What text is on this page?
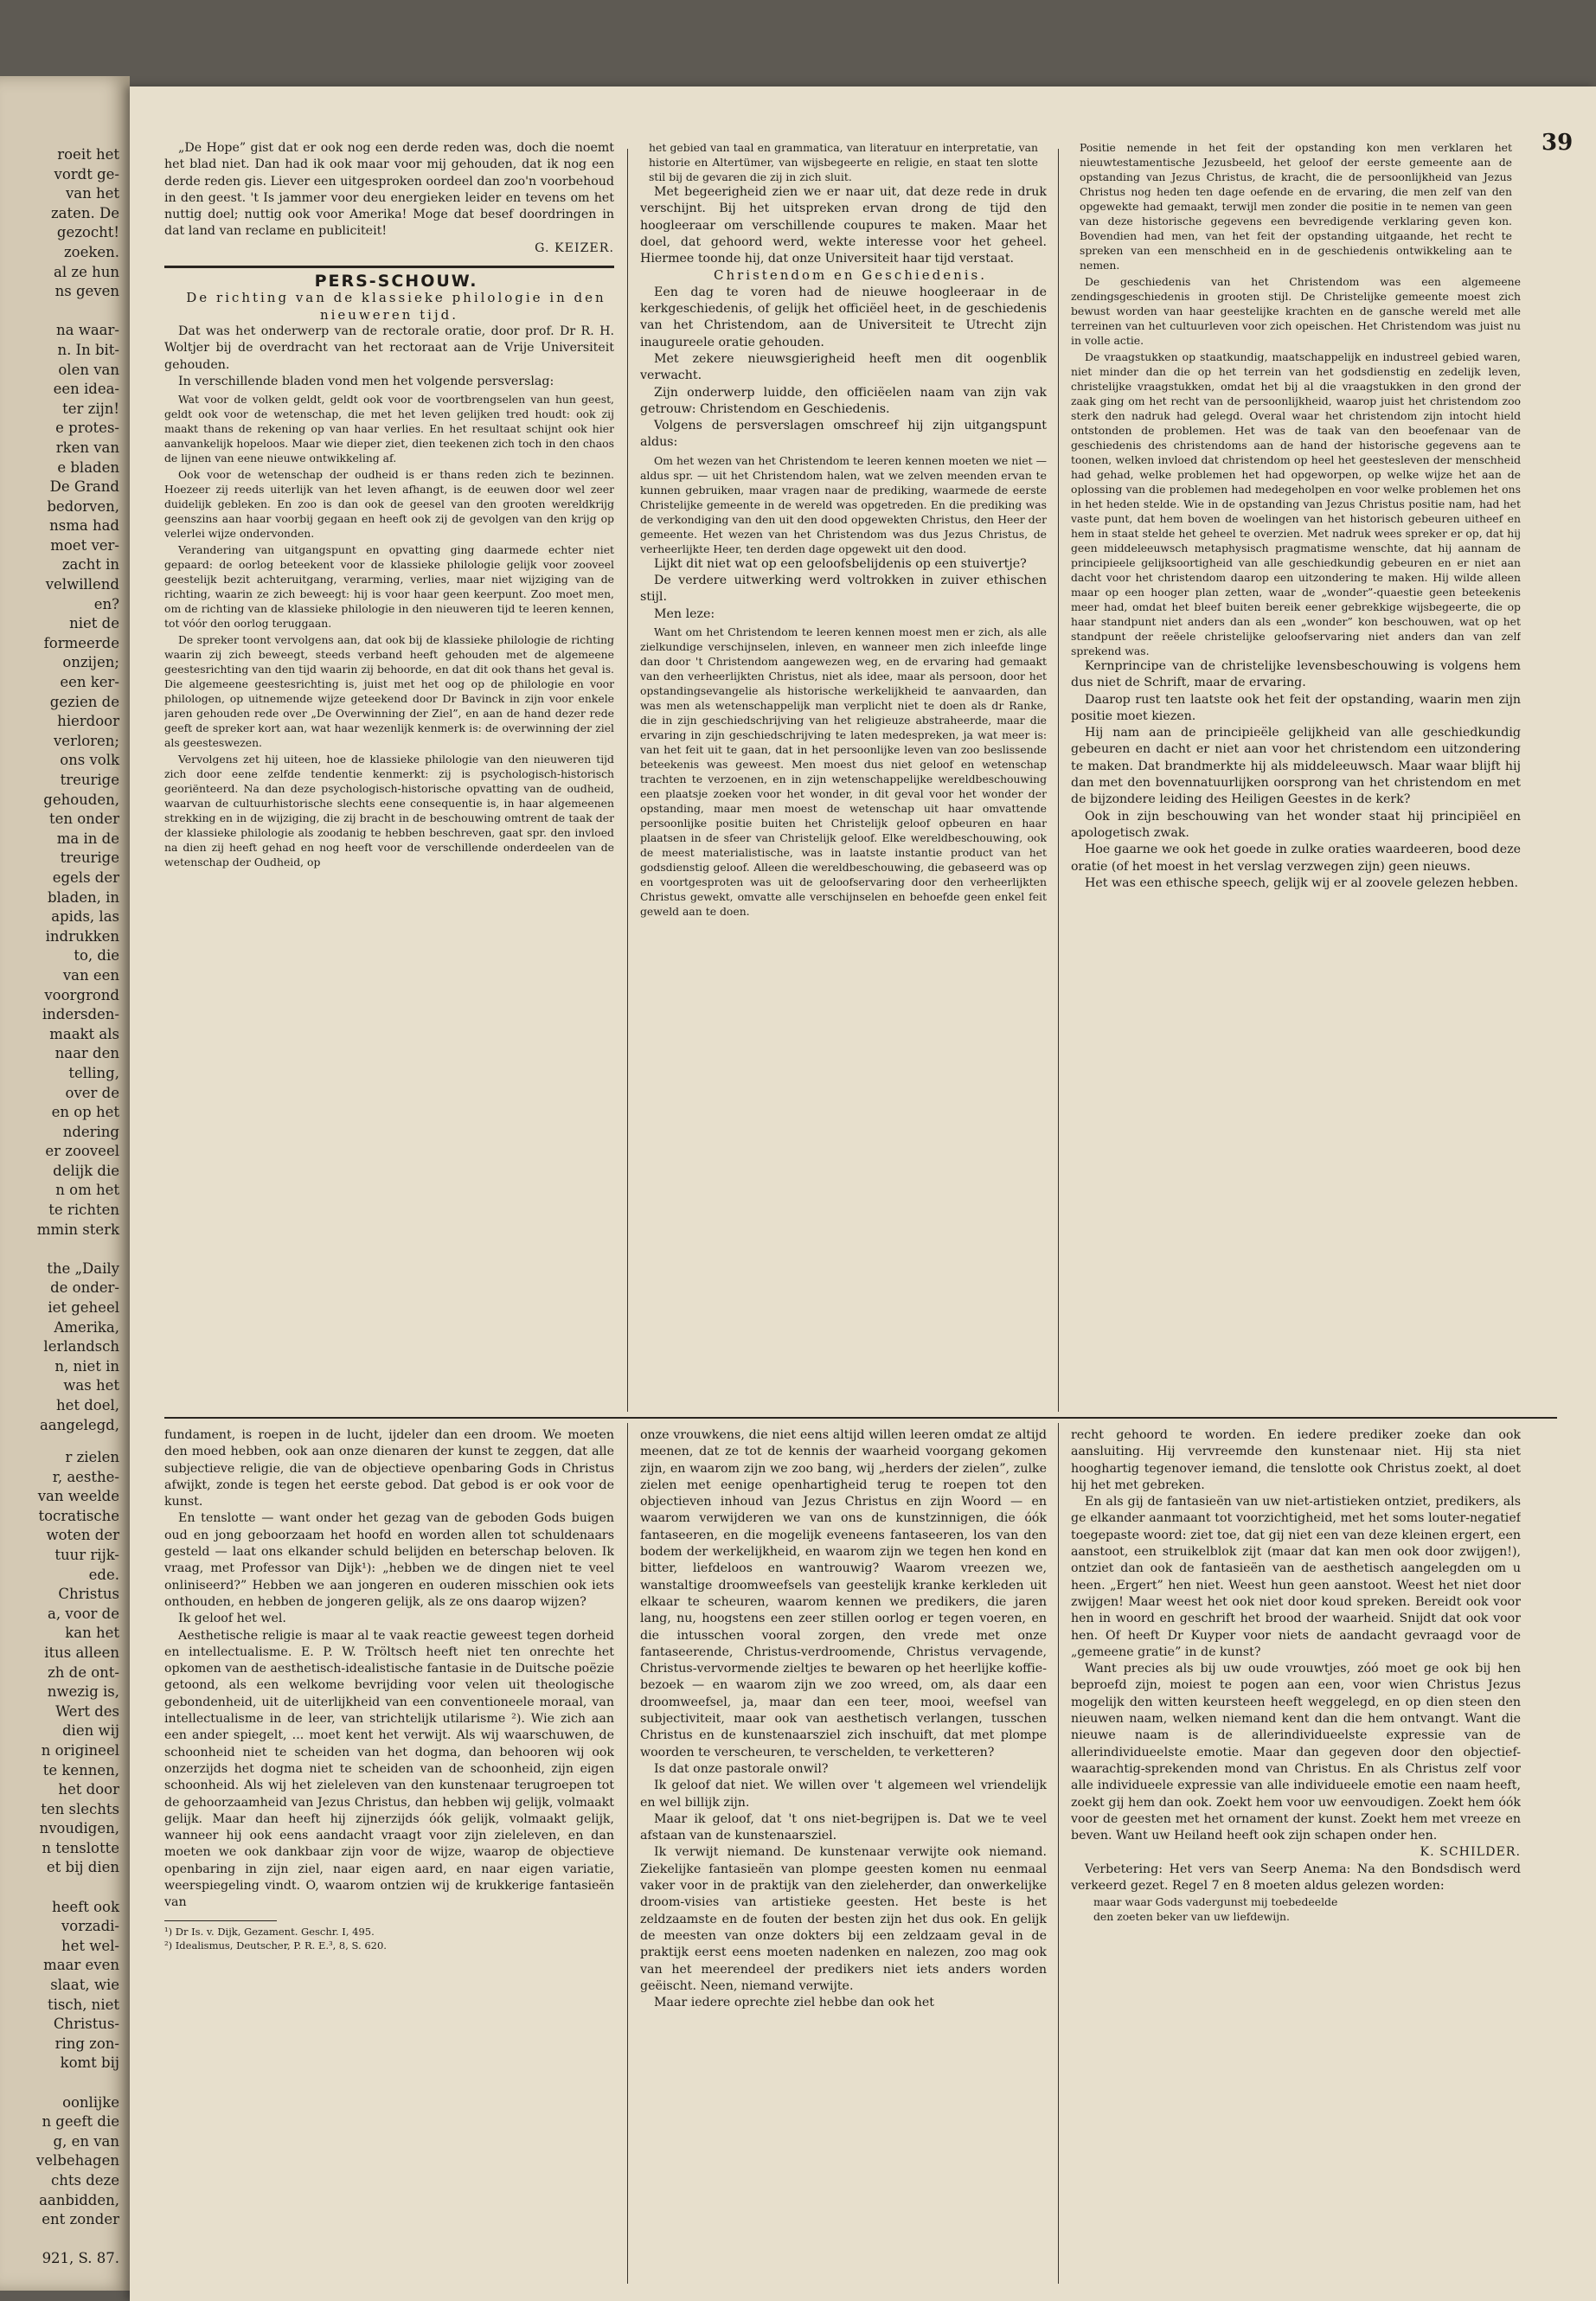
roeit het
vordt ge-
van het
zaten. De
gezocht!
zoeken.
al ze hun
ns geven

na waar-
n. In bit-
olen van
een idea-
ter zijn!
e protes-
rken van
e bladen
De Grand
bedorven,
nsma had
moet ver-
zacht in
velwillend
en?
niet de
formeerde
onzijen;
een ker-
gezien de
hierdoor
verloren;
ons volk
treurige
gehouden,
ten onder
ma in de
treurige
egels der
bladen, in
apids, las
indrukken
to, die
van een
voorgrond
indersden-
maakt als
naar den
telling,
over de
en op het
ndering
er zooveel
delijk die
n om het
te richten
mmin sterk

the „Daily
de onder-
iet geheel
Amerika,
lerlandsch
n, niet in
was het
het doel,
aangelegd,
r zielen
r, aesthe-
van weelde
tocratische
woten der
tuur rijk-
ede.
Christus
a, voor de
kan het
itus alleen
zh de ont-
nwezig is,
Wert des
dien wij
n origineel
te kennen,
het door
ten slechts
nvoudigen,
n tenslotte
et bij dien

heeft ook
vorzadi-
het wel-
maar even
slaat, wie
tisch, niet
Christus-
ring zon-
komt bij

oonlijke
n geeft die
g, en van
velbehagen
chts deze
aanbidden,
ent zonder

921, S. 87.
39

„De Hope” gist dat er ook nog een derde reden was, doch die noemt het blad niet. Dan had ik ook maar voor mij gehouden, dat ik nog een derde reden gis. Liever een uitgesproken oordeel dan zoo'n voorbehoud in den geest. 't Is jammer voor deu energieken leider en tevens om het nuttig doel; nuttig ook voor Amerika! Moge dat besef doordringen in dat land van reclame en publiciteit!

G. KEIZER.

PERS-SCHOUW.

De richting van de klassieke philologie in den nieuweren tijd.

Dat was het onderwerp van de rectorale oratie, door prof. Dr R. H. Woltjer bij de overdracht van het rectoraat aan de Vrije Universiteit gehouden.

In verschillende bladen vond men het volgende persverslag:

Wat voor de volken geldt, geldt ook voor de voortbrengselen van hun geest, geldt ook voor de wetenschap, die met het leven gelijken tred houdt: ook zij maakt thans de rekening op van haar verlies. En het resultaat schijnt ook hier aanvankelijk hopeloos. Maar wie dieper ziet, dien teekenen zich toch in den chaos de lijnen van eene nieuwe ontwikkeling af.

Ook voor de wetenschap der oudheid is er thans reden zich te bezinnen. Hoezeer zij reeds uiterlijk van het leven afhangt, is de eeuwen door wel zeer duidelijk gebleken. En zoo is dan ook de geesel van den grooten wereldkrijg geenszins aan haar voorbij gegaan en heeft ook zij de gevolgen van den krijg op velerlei wijze ondervonden.

Verandering van uitgangspunt en opvatting ging daarmede echter niet gepaard: de oorlog beteekent voor de klassieke philologie gelijk voor zooveel geestelijk bezit achteruitgang, verarming, verlies, maar niet wijziging van de richting, waarin ze zich beweegt: hij is voor haar geen keerpunt. Zoo moet men, om de richting van de klassieke philologie in den nieuweren tijd te leeren kennen, tot vóór den oorlog teruggaan.

De spreker toont vervolgens aan, dat ook bij de klassieke philologie de richting waarin zij zich beweegt, steeds verband heeft gehouden met de algemeene geestesrichting van den tijd waarin zij behoorde, en dat dit ook thans het geval is. Die algemeene geestesrichting is, juist met het oog op de philologie en voor philologen, op uitnemende wijze geteekend door Dr Bavinck in zijn voor enkele jaren gehouden rede over „De Overwinning der Ziel”, en aan de hand dezer rede geeft de spreker kort aan, wat haar wezenlijk kenmerk is: de overwinning der ziel als geesteswezen.

Vervolgens zet hij uiteen, hoe de klassieke philologie van den nieuweren tijd zich door eene zelfde tendentie kenmerkt: zij is psychologisch-historisch georiënteerd. Na dan deze psychologisch-historische opvatting van de oudheid, waarvan de cultuurhistorische slechts eene consequentie is, in haar algemeenen strekking en in de wijziging, die zij bracht in de beschouwing omtrent de taak der der klassieke philologie als zoodanig te hebben beschreven, gaat spr. den invloed na dien zij heeft gehad en nog heeft voor de verschillende onderdeelen van de wetenschap der Oudheid, op

het gebied van taal en grammatica, van literatuur en interpretatie, van historie en Altertümer, van wijsbegeerte en religie, en staat ten slotte stil bij de gevaren die zij in zich sluit.

Met begeerigheid zien we er naar uit, dat deze rede in druk verschijnt. Bij het uitspreken ervan drong de tijd den hoogleeraar om verschillende coupures te maken. Maar het doel, dat gehoord werd, wekte interesse voor het geheel. Hiermee toonde hij, dat onze Universiteit haar tijd verstaat.

Christendom en Geschiedenis.

Een dag te voren had de nieuwe hoogleeraar in de kerkgeschiedenis, of gelijk het officiëel heet, in de geschiedenis van het Christendom, aan de Universiteit te Utrecht zijn inaugureele oratie gehouden.

Met zekere nieuwsgierigheid heeft men dit oogenblik verwacht.

Zijn onderwerp luidde, den officiëelen naam van zijn vak getrouw: Christendom en Geschiedenis.

Volgens de persverslagen omschreef hij zijn uitgangspunt aldus:

Om het wezen van het Christendom te leeren kennen moeten we niet — aldus spr. — uit het Christendom halen, wat we zelven meenden ervan te kunnen gebruiken, maar vragen naar de prediking, waarmede de eerste Christelijke gemeente in de wereld was opgetreden. En die prediking was de verkondiging van den uit den dood opgewekten Christus, den Heer der gemeente. Het wezen van het Christendom was dus Jezus Christus, de verheerlijkte Heer, ten derden dage opgewekt uit den dood.

Lijkt dit niet wat op een geloofsbelijdenis op een stuivertje?

De verdere uitwerking werd voltrokken in zuiver ethischen stijl.

Men leze:

Want om het Christendom te leeren kennen moest men er zich, als alle zielkundige verschijnselen, inleven, en wanneer men zich inleefde linge dan door 't Christendom aangewezen weg, en de ervaring had gemaakt van den verheerlijkten Christus, niet als idee, maar als persoon, door het opstandingsevangelie als historische werkelijkheid te aanvaarden, dan was men als wetenschappelijk man verplicht niet te doen als dr Ranke, die in zijn geschiedschrijving van het religieuze abstraheerde, maar die ervaring in zijn geschiedschrijving te laten medespreken, ja wat meer is: van het feit uit te gaan, dat in het persoonlijke leven van zoo beslissende beteekenis was geweest. Men moest dus niet geloof en wetenschap trachten te verzoenen, en in zijn wetenschappelijke wereldbeschouwing een plaatsje zoeken voor het wonder, in dit geval voor het wonder der opstanding, maar men moest de wetenschap uit haar omvattende persoonlijke positie buiten het Christelijk geloof opbeuren en haar plaatsen in de sfeer van Christelijk geloof. Elke wereldbeschouwing, ook de meest materialistische, was in laatste instantie product van het godsdienstig geloof. Alleen die wereldbeschouwing, die gebaseerd was op en voortgesproten was uit de geloofservaring door den verheerlijkten Christus gewekt, omvatte alle verschijnselen en behoefde geen enkel feit geweld aan te doen.

Positie nemende in het feit der opstanding kon men verklaren het nieuwtestamentische Jezusbeeld, het geloof der eerste gemeente aan de opstanding van Jezus Christus, de kracht, die de persoonlijkheid van Jezus Christus nog heden ten dage oefende en de ervaring, die men zelf van den opgewekte had gemaakt, terwijl men zonder die positie in te nemen van geen van deze historische gegevens een bevredigende verklaring geven kon. Bovendien had men, van het feit der opstanding uitgaande, het recht te spreken van een menschheid en in de geschiedenis ontwikkeling aan te nemen.

De geschiedenis van het Christendom was een algemeene zendingsgeschiedenis in grooten stijl. De Christelijke gemeente moest zich bewust worden van haar geestelijke krachten en de gansche wereld met alle terreinen van het cultuurleven voor zich opeischen. Het Christendom was juist nu in volle actie.

De vraagstukken op staatkundig, maatschappelijk en industreel gebied waren, niet minder dan die op het terrein van het godsdienstig en zedelijk leven, christelijke vraagstukken, omdat het bij al die vraagstukken in den grond der zaak ging om het recht van de persoonlijkheid, waarop juist het christendom zoo sterk den nadruk had gelegd. Overal waar het christendom zijn intocht hield ontstonden de problemen. Het was de taak van den beoefenaar van de geschiedenis des christendoms aan de hand der historische gegevens aan te toonen, welken invloed dat christendom op heel het geestesleven der menschheid had gehad, welke problemen het had opgeworpen, op welke wijze het aan de oplossing van die problemen had medegeholpen en voor welke problemen het ons in het heden stelde. Wie in de opstanding van Jezus Christus positie nam, had het vaste punt, dat hem boven de woelingen van het historisch gebeuren uitheef en hem in staat stelde het geheel te overzien. Met nadruk wees spreker er op, dat hij geen middeleeuwsch metaphysisch pragmatisme wenschte, dat hij aannam de principieele gelijksoortigheid van alle geschiedkundig gebeuren en er niet aan dacht voor het christendom daarop een uitzondering te maken. Hij wilde alleen maar op een hooger plan zetten, waar de „wonder”-quaestie geen beteekenis meer had, omdat het bleef buiten bereik eener gebrekkige wijsbegeerte, die op haar standpunt niet anders dan als een „wonder” kon beschouwen, wat op het standpunt der reëele christelijke geloofservaring niet anders dan van zelf sprekend was.

Kernprincipe van de christelijke levensbeschouwing is volgens hem dus niet de Schrift, maar de ervaring.

Daarop rust ten laatste ook het feit der opstanding, waarin men zijn positie moet kiezen.

Hij nam aan de principieële gelijkheid van alle geschiedkundig gebeuren en dacht er niet aan voor het christendom een uitzondering te maken. Dat brandmerkte hij als middeleeuwsch. Maar waar blijft hij dan met den bovennatuurlijken oorsprong van het christendom en met de bijzondere leiding des Heiligen Geestes in de kerk?

Ook in zijn beschouwing van het wonder staat hij principiëel en apologetisch zwak.

Hoe gaarne we ook het goede in zulke oraties waardeeren, bood deze oratie (of het moest in het verslag verzwegen zijn) geen nieuws.

Het was een ethische speech, gelijk wij er al zoovele gelezen hebben.

fundament, is roepen in de lucht, ijdeler dan een droom. We moeten den moed hebben, ook aan onze dienaren der kunst te zeggen, dat alle subjectieve religie, die van de objectieve openbaring Gods in Christus afwijkt, zonde is tegen het eerste gebod. Dat gebod is er ook voor de kunst.

En tenslotte — want onder het gezag van de geboden Gods buigen oud en jong geboorzaam het hoofd en worden allen tot schuldenaars gesteld — laat ons elkander schuld belijden en beterschap beloven. Ik vraag, met Professor van Dijk¹): „hebben we de dingen niet te veel onliniseerd?” Hebben we aan jongeren en ouderen misschien ook iets onthouden, en hebben de jongeren gelijk, als ze ons daarop wijzen?

Ik geloof het wel.

Aesthetische religie is maar al te vaak reactie geweest tegen dorheid en intellectualisme. E. P. W. Tröltsch heeft niet ten onrechte het opkomen van de aesthetisch-idealistische fantasie in de Duitsche poëzie getoond, als een welkome bevrijding voor velen uit theologische gebondenheid, uit de uiterlijkheid van een conventioneele moraal, van intellectualisme in de leer, van strichtelijk utilarisme ²). Wie zich aan een ander spiegelt, ... moet kent het verwijt. Als wij waarschuwen, de schoonheid niet te scheiden van het dogma, dan behooren wij ook onzerzijds het dogma niet te scheiden van de schoonheid, zijn eigen schoonheid. Als wij het zieleleven van den kunstenaar terugroepen tot de gehoorzaamheid van Jezus Christus, dan hebben wij gelijk, volmaakt gelijk. Maar dan heeft hij zijnerzijds óók gelijk, volmaakt gelijk, wanneer hij ook eens aandacht vraagt voor zijn zieleleven, en dan moeten we ook dankbaar zijn voor de wijze, waarop de objectieve openbaring in zijn ziel, naar eigen aard, en naar eigen variatie, weerspiegeling vindt. O, waarom ontzien wij de krukkerige fantasieën van

¹) Dr Is. v. Dijk, Gezament. Geschr. I, 495.

²) Idealismus, Deutscher, P. R. E.³, 8, S. 620.

onze vrouwkens, die niet eens altijd willen leeren omdat ze altijd meenen, dat ze tot de kennis der waarheid voorgang gekomen zijn, en waarom zijn we zoo bang, wij „herders der zielen”, zulke zielen met eenige openhartigheid terug te roepen tot den objectieven inhoud van Jezus Christus en zijn Woord — en waarom verwijderen we van ons de kunstzinnigen, die óók fantaseeren, en die mogelijk eveneens fantaseeren, los van den bodem der werkelijkheid, en waarom zijn we tegen hen kond en bitter, liefdeloos en wantrouwig? Waarom vreezen we, wanstaltige droomweefsels van geestelijk kranke kerkleden uit elkaar te scheuren, waarom kennen we predikers, die jaren lang, nu, hoogstens een zeer stillen oorlog er tegen voeren, en die intusschen vooral zorgen, den vrede met onze fantaseerende, Christus-verdroomende, Christus vervagende, Christus-vervormende zieltjes te bewaren op het heerlijke koffie-bezoek — en waarom zijn we zoo wreed, om, als daar een droomweefsel, ja, maar dan een teer, mooi, weefsel van subjectiviteit, maar ook van aesthetisch verlangen, tusschen Christus en de kunstenaarsziel zich inschuift, dat met plompe woorden te verscheuren, te verschelden, te verketteren?

Is dat onze pastorale onwil?

Ik geloof dat niet. We willen over 't algemeen wel vriendelijk en wel billijk zijn.

Maar ik geloof, dat 't ons niet-begrijpen is. Dat we te veel afstaan van de kunstenaarsziel.

Ik verwijt niemand. De kunstenaar verwijte ook niemand. Ziekelijke fantasieën van plompe geesten komen nu eenmaal vaker voor in de praktijk van den zieleherder, dan onwerkelijke droom-visies van artistieke geesten. Het beste is het zeldzaamste en de fouten der besten zijn het dus ook. En gelijk de meesten van onze dokters bij een zeldzaam geval in de praktijk eerst eens moeten nadenken en nalezen, zoo mag ook van het meerendeel der predikers niet iets anders worden geëischt. Neen, niemand verwijte.

Maar iedere oprechte ziel hebbe dan ook het

recht gehoord te worden. En iedere prediker zoeke dan ook aansluiting. Hij vervreemde den kunstenaar niet. Hij sta niet hooghartig tegenover iemand, die tenslotte ook Christus zoekt, al doet hij het met gebreken.

En als gij de fantasieën van uw niet-artistieken ontziet, predikers, als ge elkander aanmaant tot voorzichtigheid, met het soms louter-negatief toegepaste woord: ziet toe, dat gij niet een van deze kleinen ergert, een aanstoot, een struikelblok zijt (maar dat kan men ook door zwijgen!), ontziet dan ook de fantasieën van de aesthetisch aangelegden om u heen. „Ergert” hen niet. Weest hun geen aanstoot. Weest het niet door zwijgen! Maar weest het ook niet door koud spreken. Bereidt ook voor hen in woord en geschrift het brood der waarheid. Snijdt dat ook voor hen. Of heeft Dr Kuyper voor niets de aandacht gevraagd voor de „gemeene gratie” in de kunst?

Want precies als bij uw oude vrouwtjes, zóó moet ge ook bij hen beproefd zijn, moiest te pogen aan een, voor wien Christus Jezus mogelijk den witten keursteen heeft weggelegd, en op dien steen den nieuwen naam, welken niemand kent dan die hem ontvangt. Want die nieuwe naam is de allerindividueelste expressie van de allerindividueelste emotie. Maar dan gegeven door den objectief-waarachtig-sprekenden mond van Christus. En als Christus zelf voor alle individueele expressie van alle individueele emotie een naam heeft, zoekt gij hem dan ook. Zoekt hem voor uw eenvoudigen. Zoekt hem óók voor de geesten met het ornament der kunst. Zoekt hem met vreeze en beven. Want uw Heiland heeft ook zijn schapen onder hen.

K. SCHILDER.

Verbetering: Het vers van Seerp Anema: Na den Bondsdisch werd verkeerd gezet. Regel 7 en 8 moeten aldus gelezen worden:

maar waar Gods vadergunst mij toebedeelde

den zoeten beker van uw liefdewijn.
